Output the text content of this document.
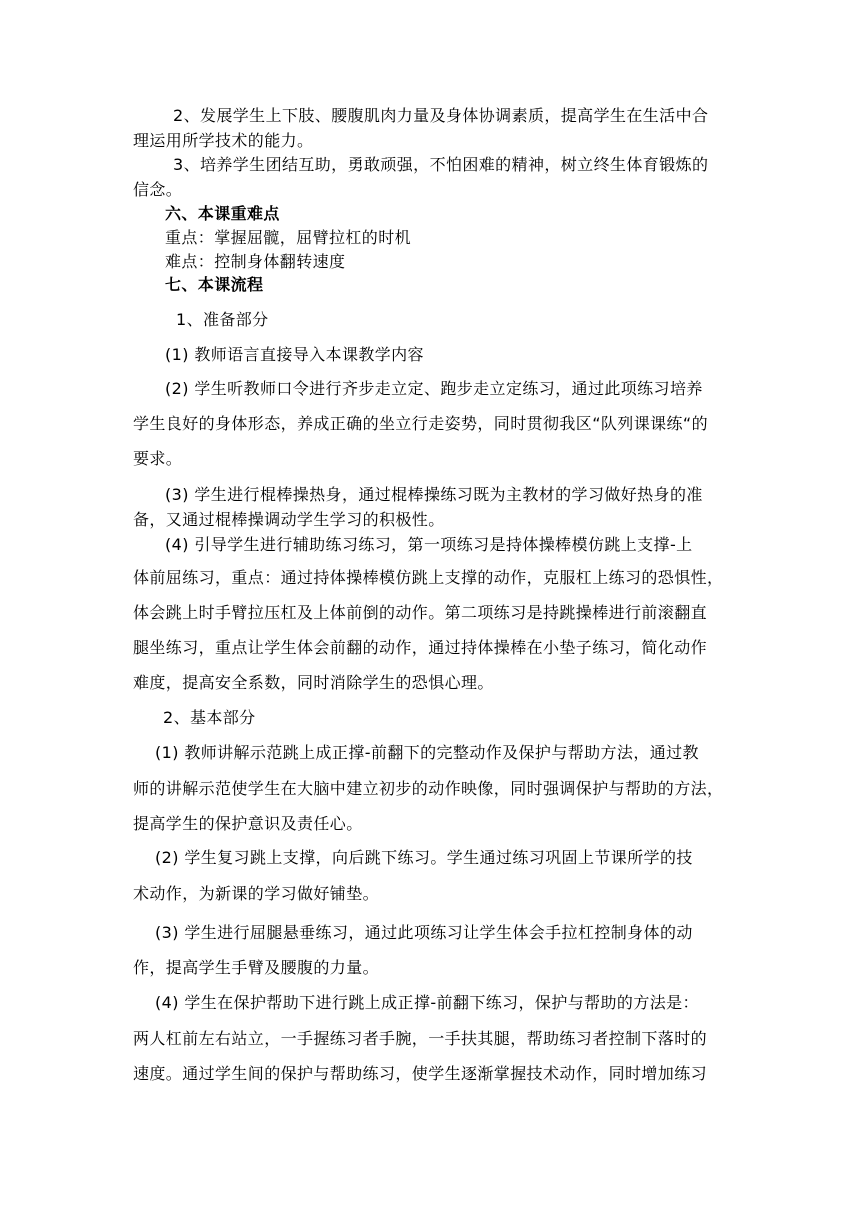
2、发展学生上下肢、腰腹肌肉力量及身体协调素质，提高学生在生活中合
理运用所学技术的能力。
3、培养学生团结互助，勇敢顽强，不怕困难的精神，树立终生体育锻炼的
信念。
六、本课重难点
重点：掌握屈髋，屈臂拉杠的时机
难点：控制身体翻转速度
七、本课流程
1、准备部分
(1) 教师语言直接导入本课教学内容
(2) 学生听教师口令进行齐步走立定、跑步走立定练习，通过此项练习培养
学生良好的身体形态，养成正确的坐立行走姿势，同时贯彻我区“队列课课练“的
要求。
(3) 学生进行棍棒操热身，通过棍棒操练习既为主教材的学习做好热身的准
备，又通过棍棒操调动学生学习的积极性。
(4) 引导学生进行辅助练习练习，第一项练习是持体操棒模仿跳上支撑-上
体前屈练习，重点：通过持体操棒模仿跳上支撑的动作，克服杠上练习的恐惧性，
体会跳上时手臂拉压杠及上体前倒的动作。第二项练习是持跳操棒进行前滚翻直
腿坐练习，重点让学生体会前翻的动作，通过持体操棒在小垫子练习，简化动作
难度，提高安全系数，同时消除学生的恐惧心理。
2、基本部分
(1) 教师讲解示范跳上成正撑-前翻下的完整动作及保护与帮助方法，通过教
师的讲解示范使学生在大脑中建立初步的动作映像，同时强调保护与帮助的方法，
提高学生的保护意识及责任心。
(2) 学生复习跳上支撑，向后跳下练习。学生通过练习巩固上节课所学的技
术动作，为新课的学习做好铺垫。
(3) 学生进行屈腿悬垂练习，通过此项练习让学生体会手拉杠控制身体的动
作，提高学生手臂及腰腹的力量。
(4) 学生在保护帮助下进行跳上成正撑-前翻下练习，保护与帮助的方法是：
两人杠前左右站立，一手握练习者手腕，一手扶其腿，帮助练习者控制下落时的
速度。通过学生间的保护与帮助练习，使学生逐渐掌握技术动作，同时增加练习
